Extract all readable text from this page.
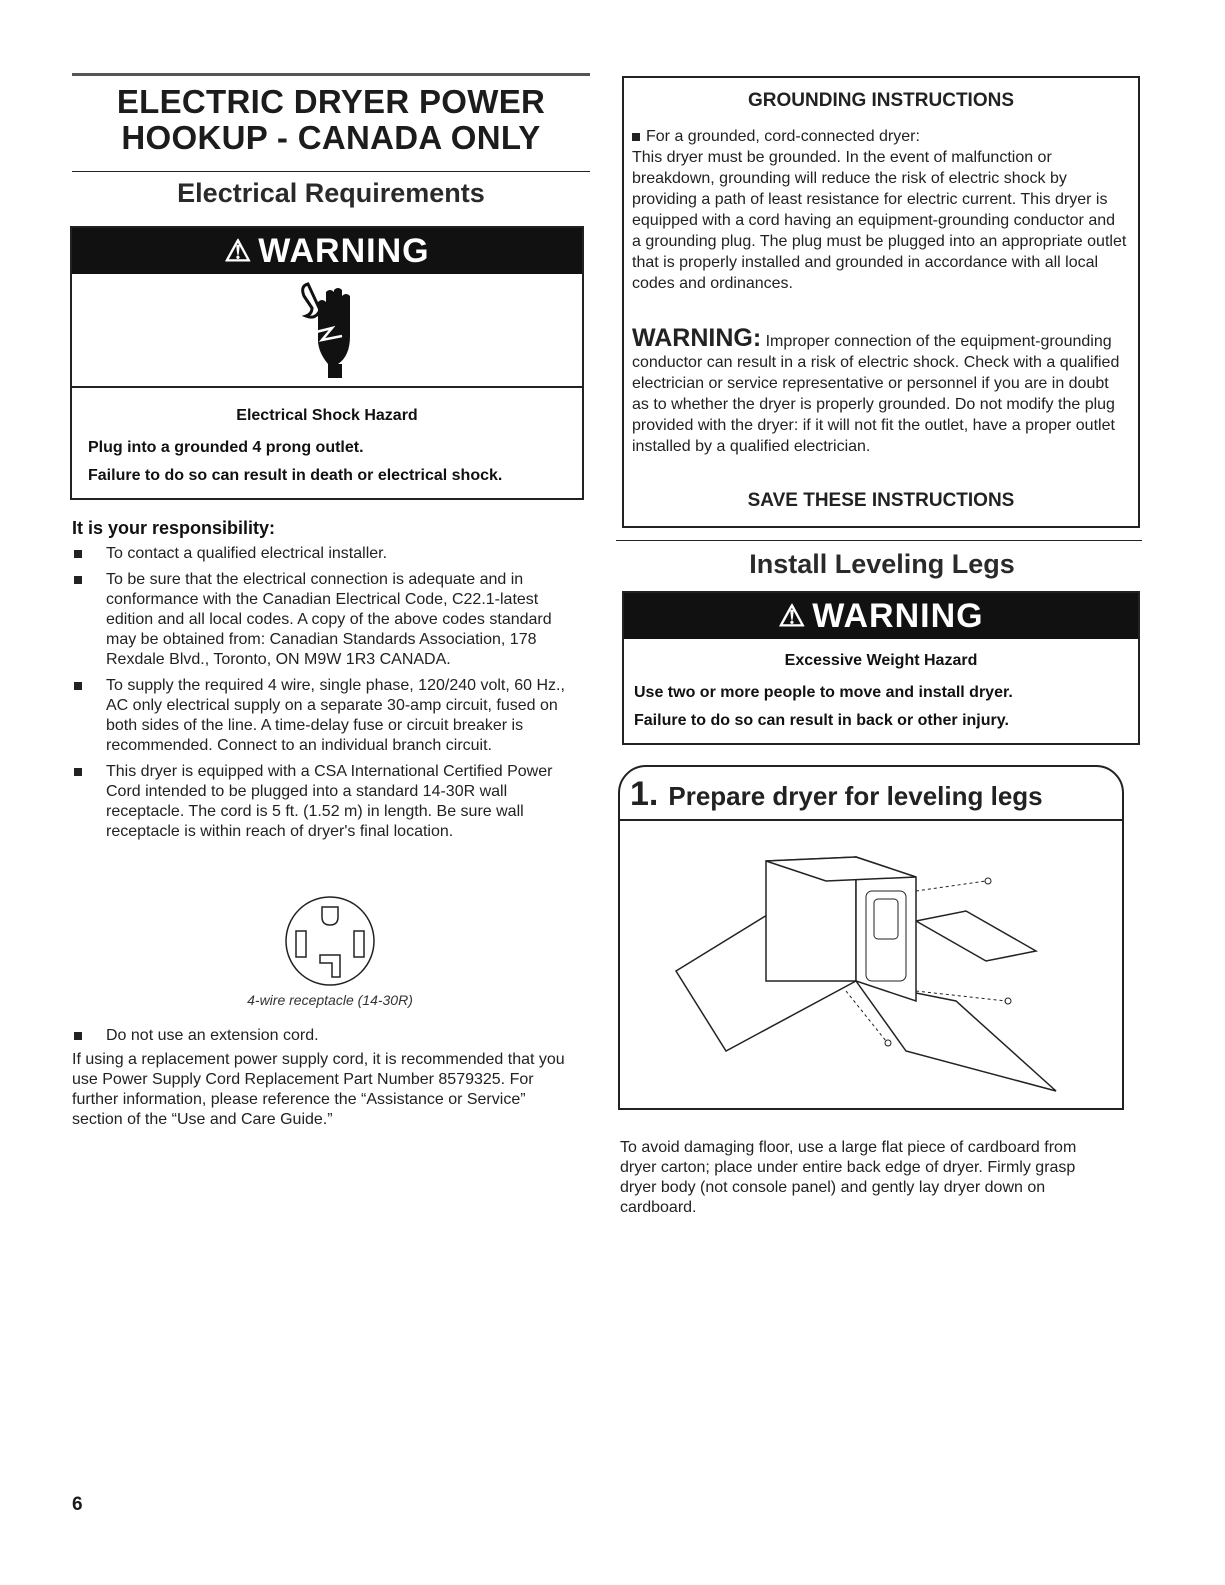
ELECTRIC DRYER POWER
HOOKUP - CANADA ONLY
Electrical Requirements
⚠ WARNING
Electrical Shock Hazard
Plug into a grounded 4 prong outlet.
Failure to do so can result in death or electrical shock.
It is your responsibility:
To contact a qualified electrical installer.
To be sure that the electrical connection is adequate and in conformance with the Canadian Electrical Code, C22.1-latest edition and all local codes. A copy of the above codes standard may be obtained from: Canadian Standards Association, 178 Rexdale Blvd., Toronto, ON M9W 1R3 CANADA.
To supply the required 4 wire, single phase, 120/240 volt, 60 Hz., AC only electrical supply on a separate 30-amp circuit, fused on both sides of the line. A time-delay fuse or circuit breaker is recommended. Connect to an individual branch circuit.
This dryer is equipped with a CSA International Certified Power Cord intended to be plugged into a standard 14-30R wall receptacle. The cord is 5 ft. (1.52 m) in length. Be sure wall receptacle is within reach of dryer's final location.
4-wire receptacle (14-30R)
Do not use an extension cord.
If using a replacement power supply cord, it is recommended that you use Power Supply Cord Replacement Part Number 8579325. For further information, please reference the “Assistance or Service” section of the “Use and Care Guide.”
GROUNDING INSTRUCTIONS
For a grounded, cord-connected dryer:
This dryer must be grounded. In the event of malfunction or breakdown, grounding will reduce the risk of electric shock by providing a path of least resistance for electric current. This dryer is equipped with a cord having an equipment-grounding conductor and a grounding plug. The plug must be plugged into an appropriate outlet that is properly installed and grounded in accordance with all local codes and ordinances.
WARNING: Improper connection of the equipment-grounding conductor can result in a risk of electric shock. Check with a qualified electrician or service representative or personnel if you are in doubt as to whether the dryer is properly grounded. Do not modify the plug provided with the dryer: if it will not fit the outlet, have a proper outlet installed by a qualified electrician.
SAVE THESE INSTRUCTIONS
Install Leveling Legs
⚠ WARNING
Excessive Weight Hazard
Use two or more people to move and install dryer.
Failure to do so can result in back or other injury.
1. Prepare dryer for leveling legs
To avoid damaging floor, use a large flat piece of cardboard from dryer carton; place under entire back edge of dryer. Firmly grasp dryer body (not console panel) and gently lay dryer down on cardboard.
6
